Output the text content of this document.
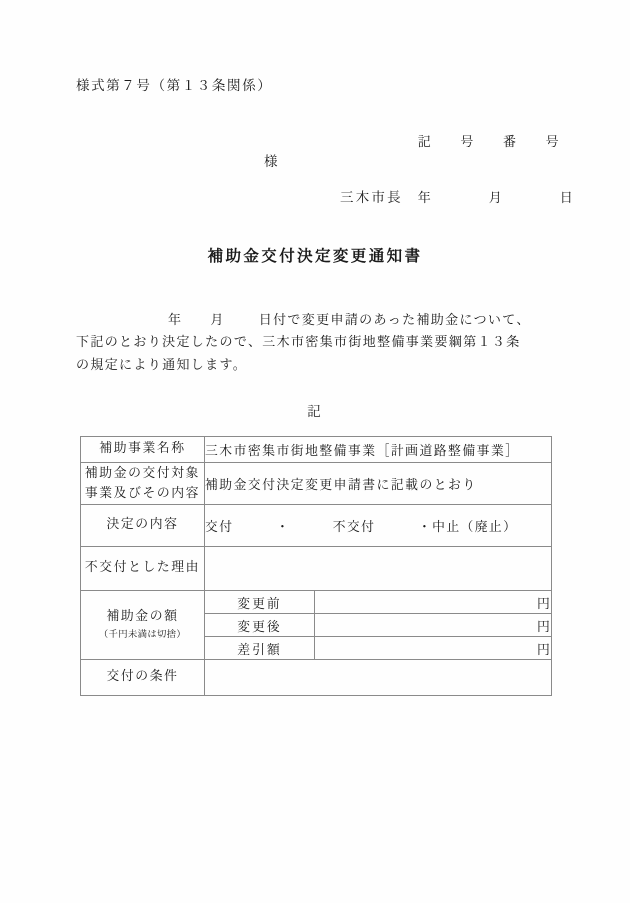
様式第７号（第１３条関係）

記　　号　　番　　号

年　　　　月　　　　日

様
三木市長
補助金交付決定変更通知書
年 月	日付で変更申請のあった補助金について、
下記のとおり決定したので、三木市密集市街地整備事業要綱第１３条
の規定により通知します。
記
補助事業名称	三木市密集市街地整備事業［計画道路整備事業］	
補助金の交付対象
事業及びその内容	補助金交付決定変更申請書に記載のとおり	
決定の内容	交付　　　・　　　不交付　　　・中止（廃止）	
不交付とした理由		
補助金の額
（千円未満は切捨）	変更前	円
	変更後	円
	差引額	円
交付の条件		
